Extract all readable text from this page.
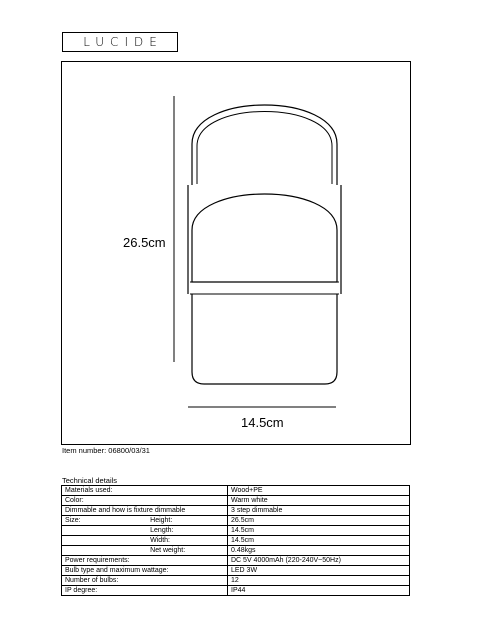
LUCIDE
26.5cm
14.5cm
Item number: 06800/03/31
Technical details
Materials used:		Wood+PE
Color:		Warm white
Dimmable and how is fixture dimmable		3 step dimmable
Size:	Height:	26.5cm
	Length:	14.5cm
	Width:	14.5cm
	Net weight:	0.48kgs
Power requirements:		DC 5V 4000mAh (220-240V~50Hz)
Bulb type and maximum wattage:		LED 3W
Number of bulbs:		12
IP degree:		IP44
